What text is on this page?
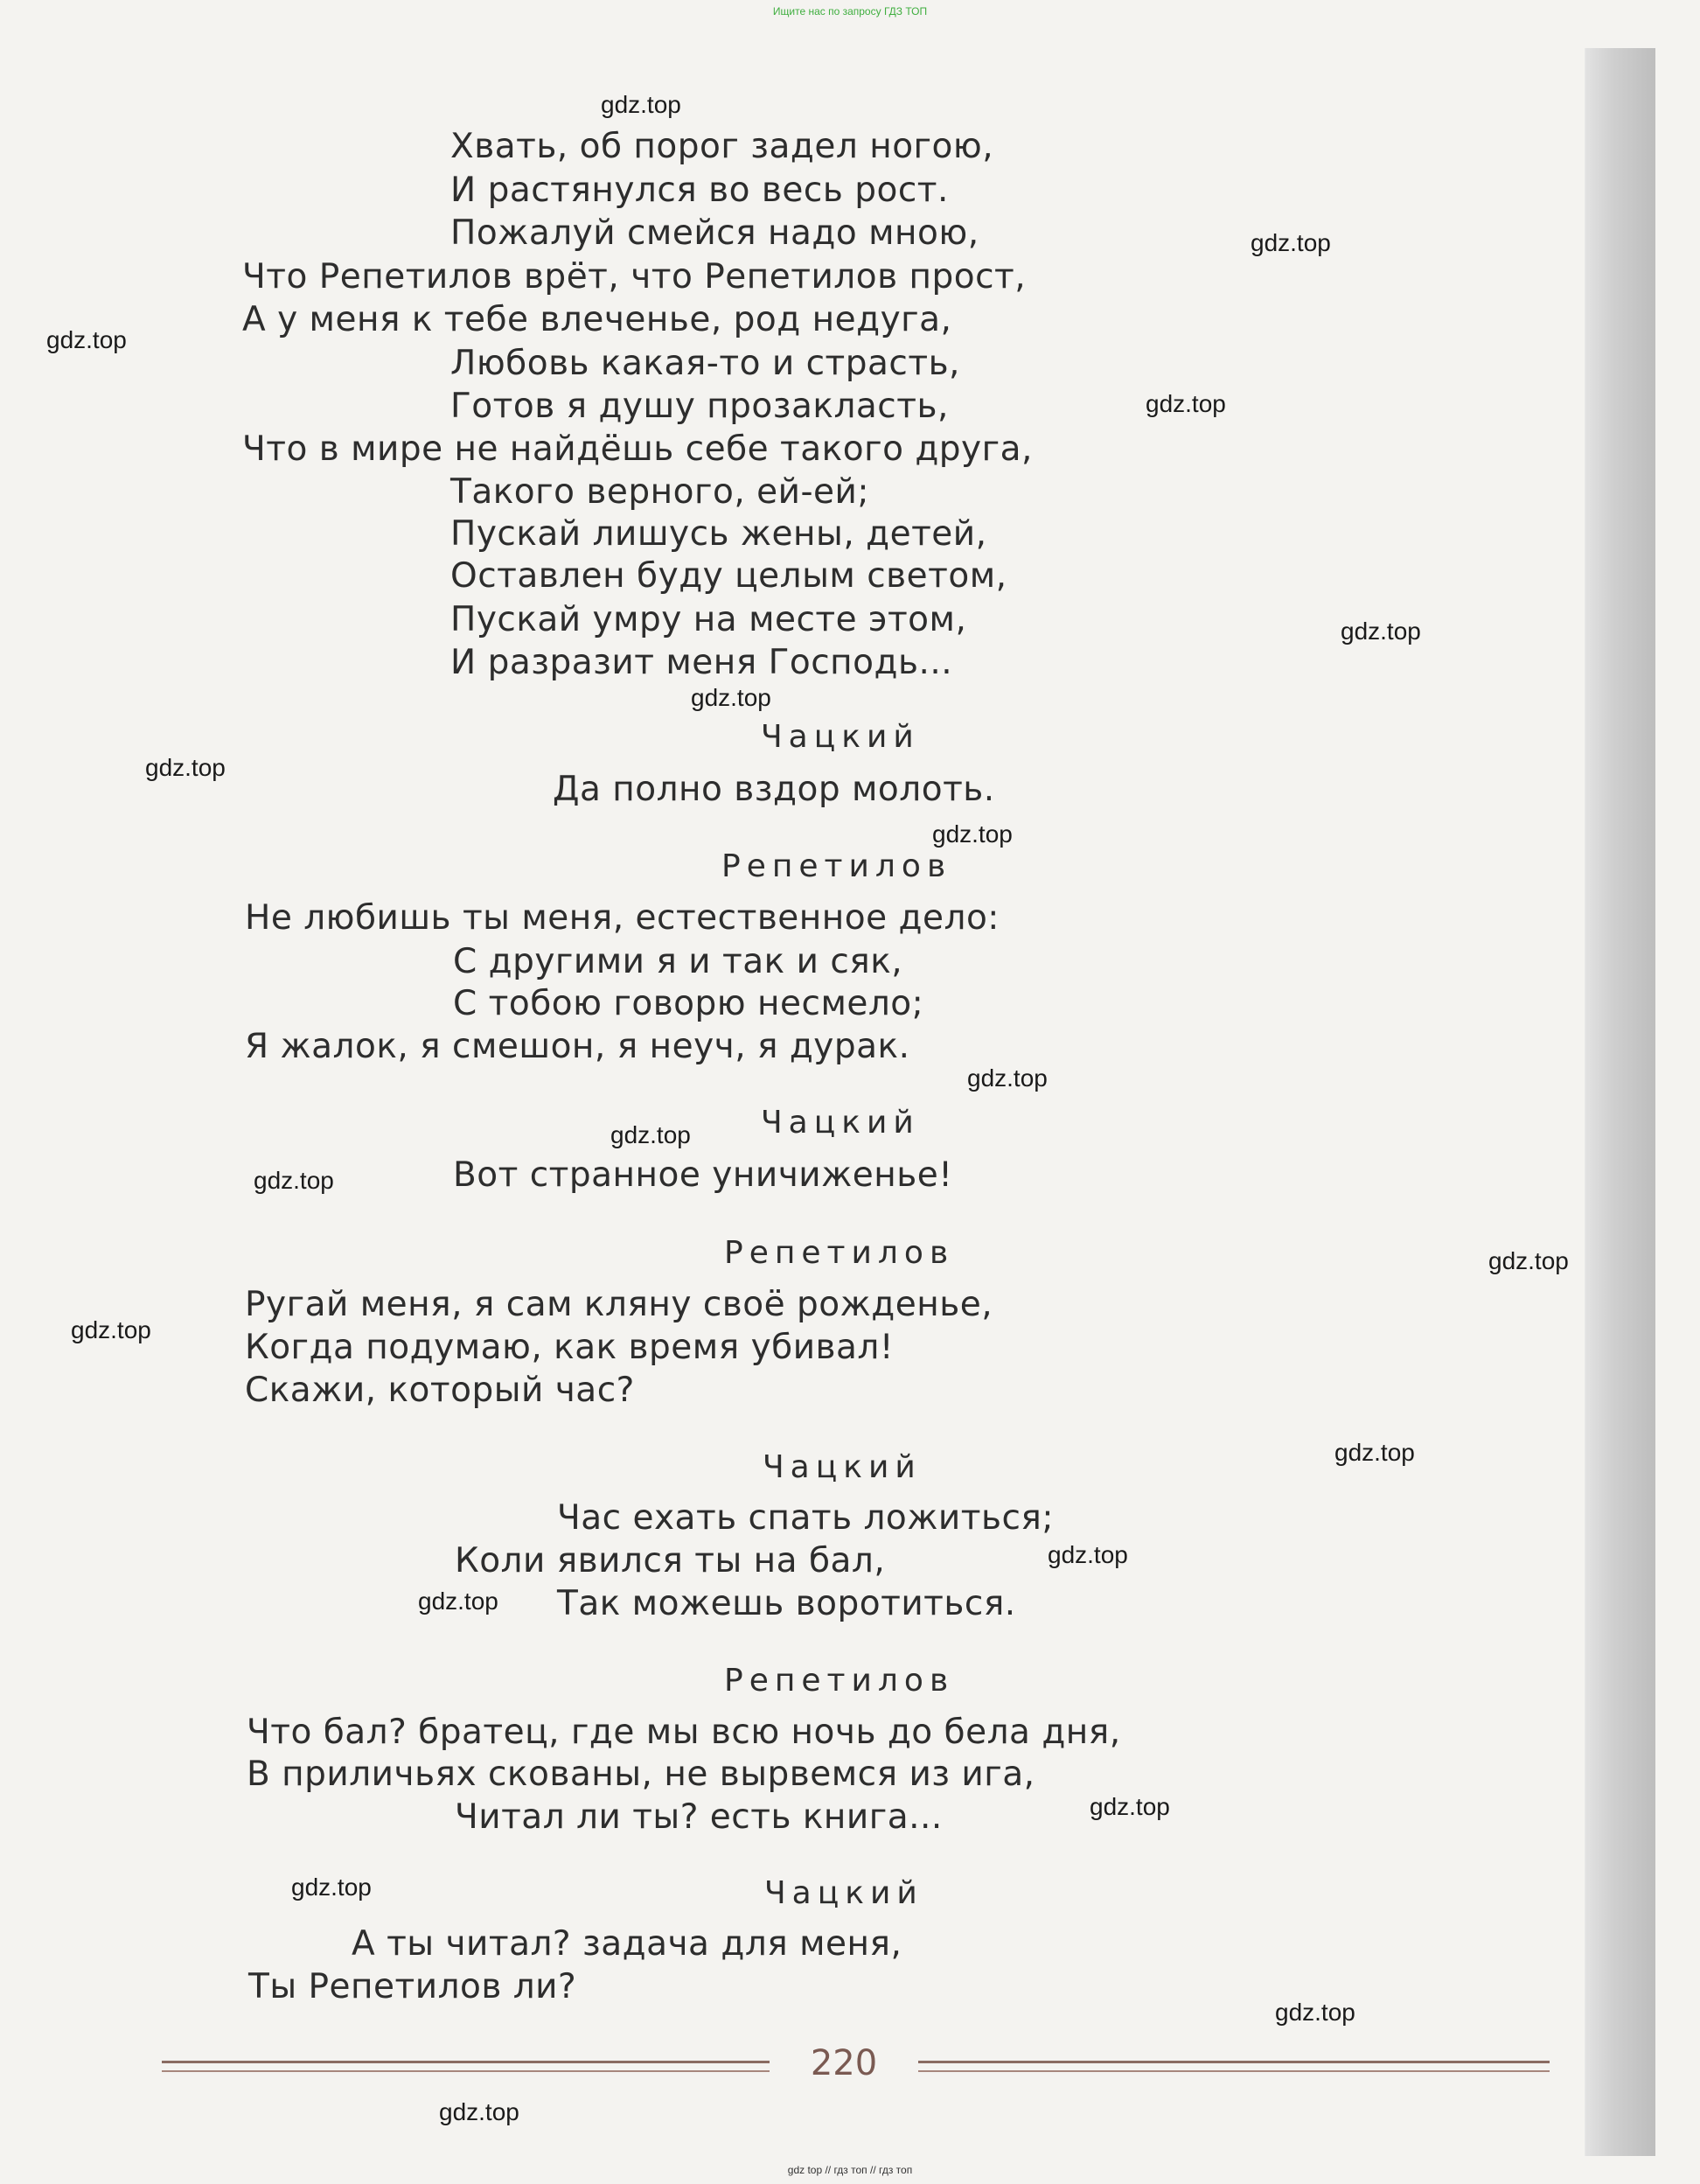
Ищите нас по запросу ГДЗ ТОП
Хвать, об порог задел ногою,
И растянулся во весь рост.
Пожалуй смейся надо мною,
Что Репетилов врёт, что Репетилов прост,
А у меня к тебе влеченье, род недуга,
Любовь какая-то и страсть,
Готов я душу прозакласть,
Что в мире не найдёшь себе такого друга,
Такого верного, ей-ей;
Пускай лишусь жены, детей,
Оставлен буду целым светом,
Пускай умру на месте этом,
И разразит меня Господь...
Чацкий
Да полно вздор молоть.
Репетилов
Не любишь ты меня, естественное дело:
С другими я и так и сяк,
С тобою говорю несмело;
Я жалок, я смешон, я неуч, я дурак.
Чацкий
Вот странное уничиженье!
Репетилов
Ругай меня, я сам кляну своё рожденье,
Когда подумаю, как время убивал!
Скажи, который час?
Чацкий
Час ехать спать ложиться;
Коли явился ты на бал,
Так можешь воротиться.
Репетилов
Что бал? братец, где мы всю ночь до бела дня,
В приличьях скованы, не вырвемся из ига,
Читал ли ты? есть книга...
Чацкий
А ты читал? задача для меня,
Ты Репетилов ли?
220
gdz.top
gdz.top
gdz.top
gdz.top
gdz.top
gdz.top
gdz.top
gdz.top
gdz.top
gdz.top
gdz.top
gdz.top
gdz.top
gdz.top
gdz.top
gdz.top
gdz.top
gdz.top
gdz.top
gdz.top
gdz top // гдз топ // гдз топ
